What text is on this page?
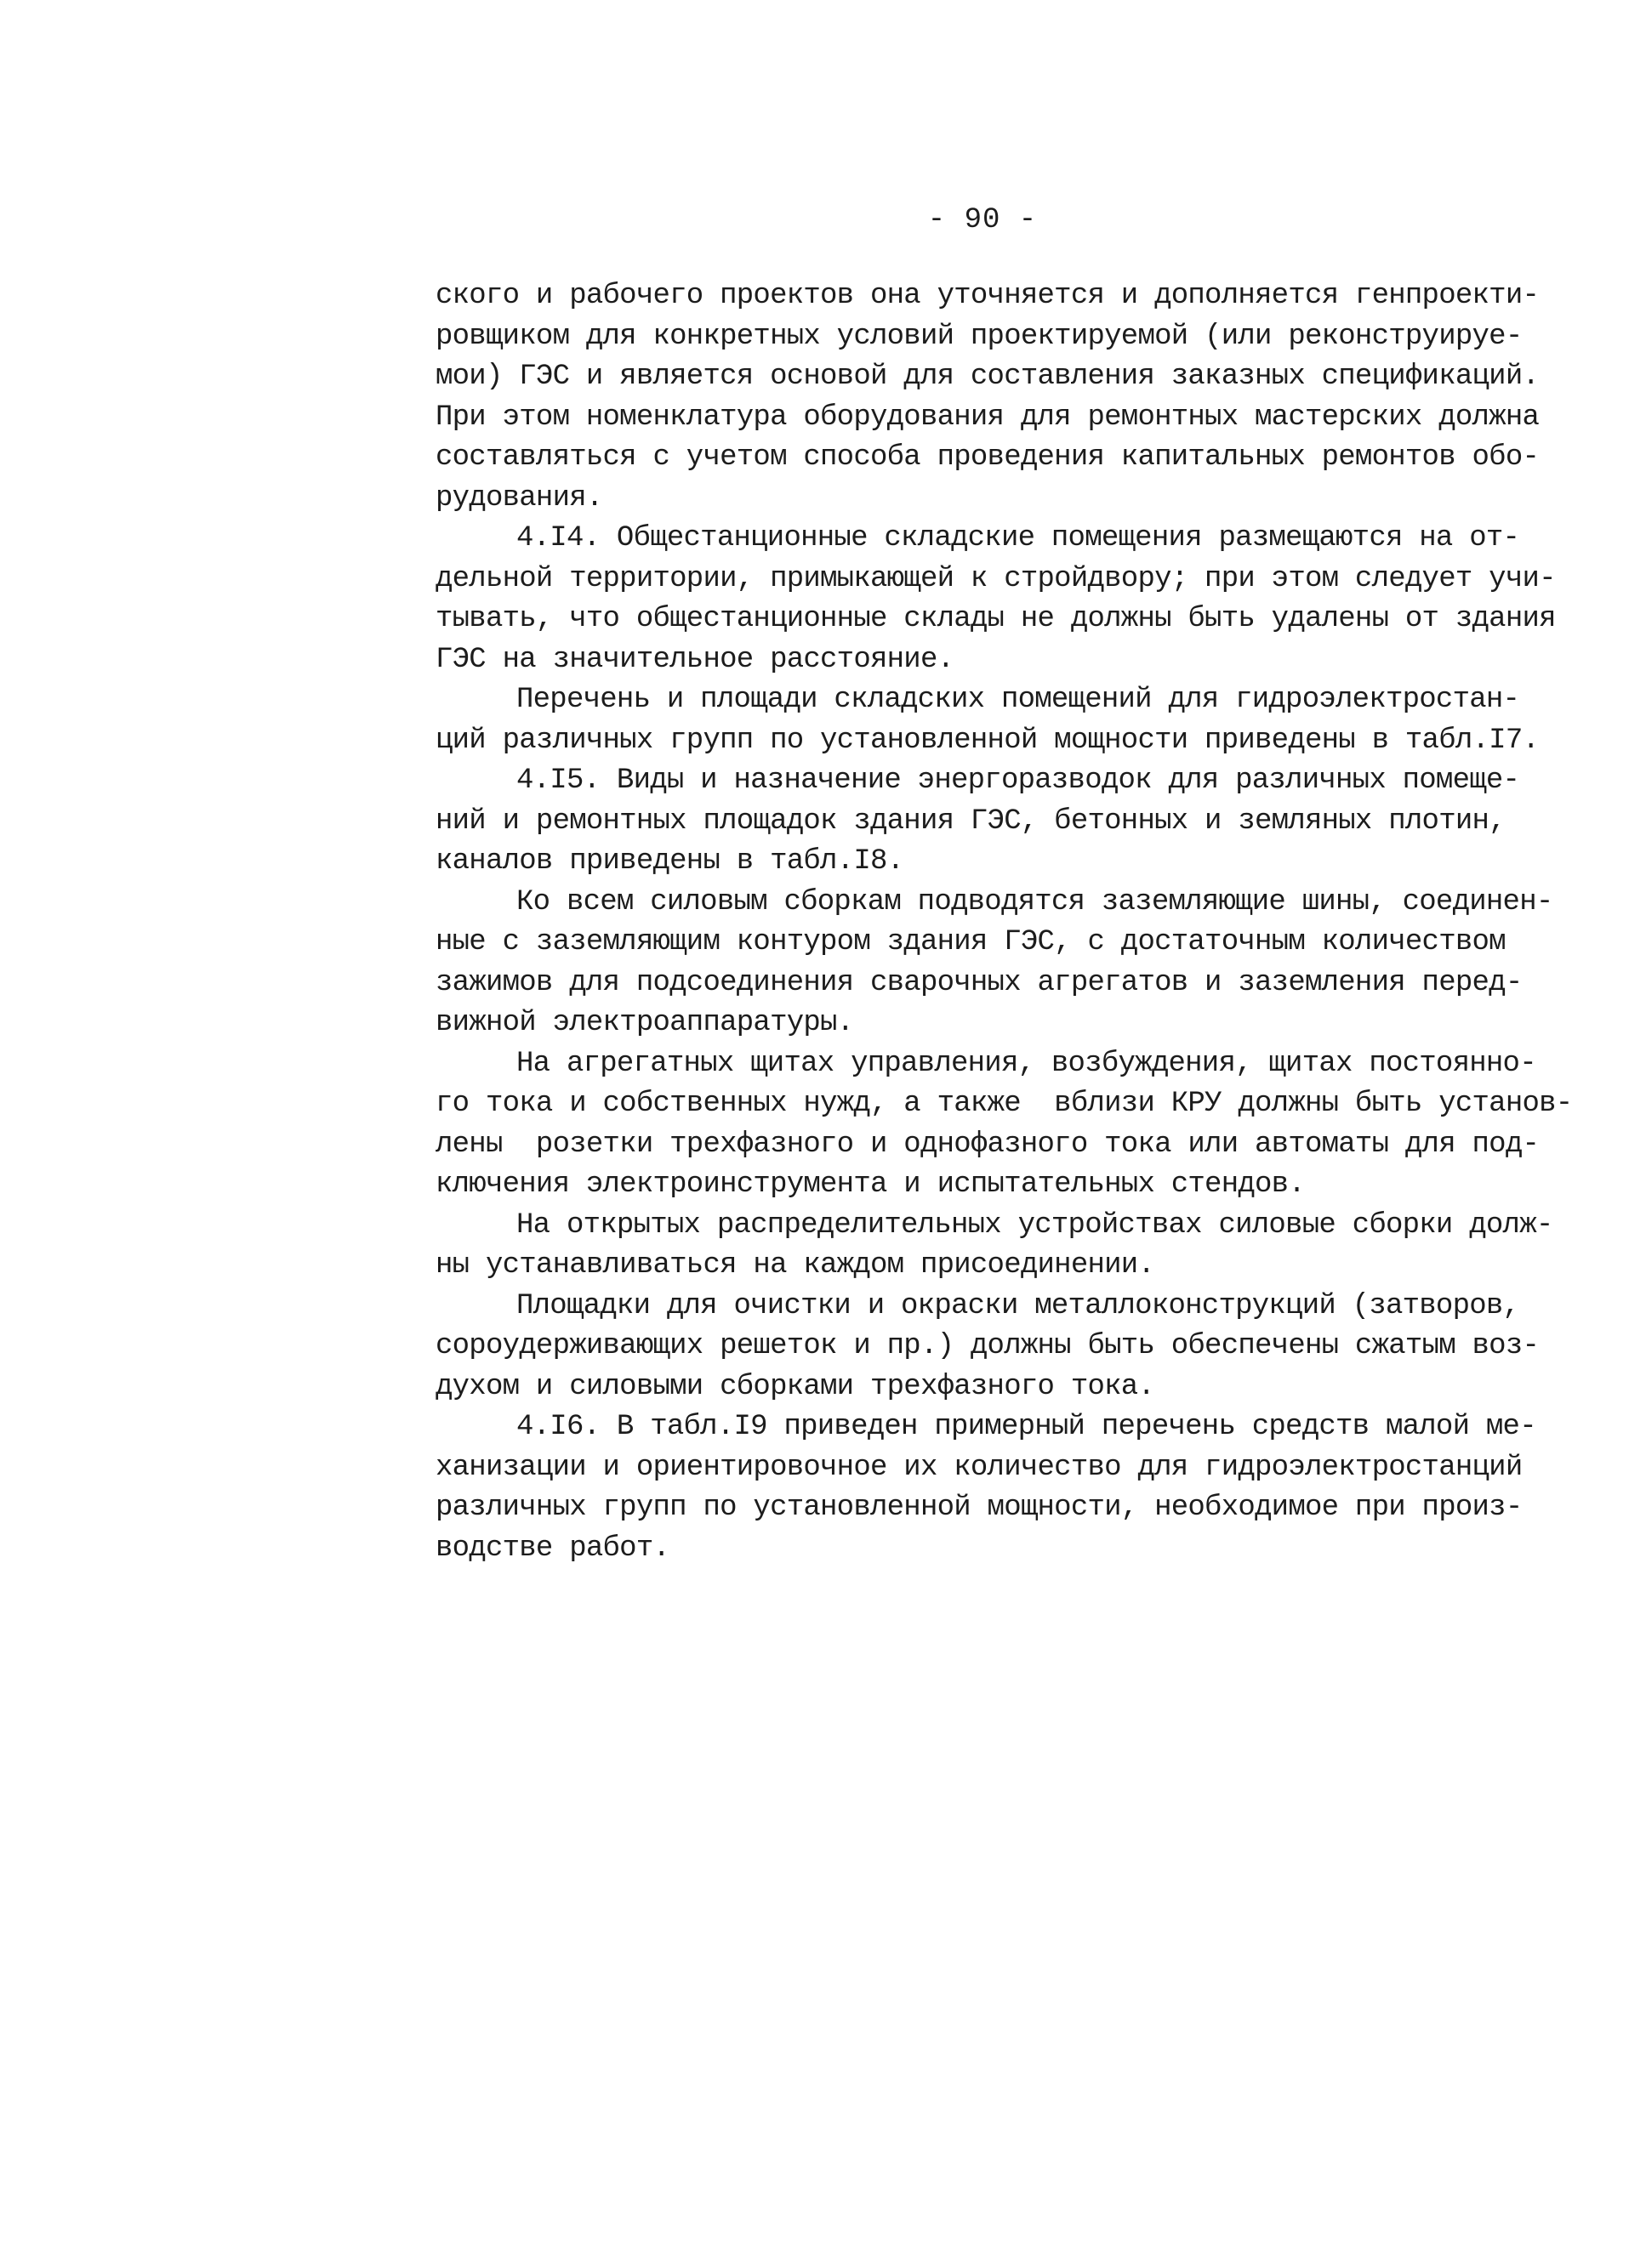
- 90 -
ского и рабочего проектов она уточняется и дополняется генпроекти-
ровщиком для конкретных условий проектируемой (или реконструируе-
мои) ГЭС и является основой для составления заказных спецификаций.
При этом номенклатура оборудования для ремонтных мастерских должна
составляться с учетом способа проведения капитальных ремонтов обо-
рудования.
4.I4. Общестанционные складские помещения размещаются на от-
дельной территории, примыкающей к стройдвору; при этом следует учи-
тывать, что общестанционные склады не должны быть удалены от здания
ГЭС на значительное расстояние.
Перечень и площади складских помещений для гидроэлектростан-
ций различных групп по установленной мощности приведены в табл.I7.
4.I5. Виды и назначение энергоразводок для различных помеще-
ний и ремонтных площадок здания ГЭС, бетонных и земляных плотин,
каналов приведены в табл.I8.
Ко всем силовым сборкам подводятся заземляющие шины, соединен-
ные с заземляющим контуром здания ГЭС, с достаточным количеством
зажимов для подсоединения сварочных агрегатов и заземления перед-
вижной электроаппаратуры.
На агрегатных щитах управления, возбуждения, щитах постоянно-
го тока и собственных нужд, а также  вблизи КРУ должны быть установ-
лены  розетки трехфазного и однофазного тока или автоматы для под-
ключения электроинструмента и испытательных стендов.
На открытых распределительных устройствах силовые сборки долж-
ны устанавливаться на каждом присоединении.
Площадки для очистки и окраски металлоконструкций (затворов,
сороудерживающих решеток и пр.) должны быть обеспечены сжатым воз-
духом и силовыми сборками трехфазного тока.
4.I6. В табл.I9 приведен примерный перечень средств малой ме-
ханизации и ориентировочное их количество для гидроэлектростанций
различных групп по установленной мощности, необходимое при произ-
водстве работ.
